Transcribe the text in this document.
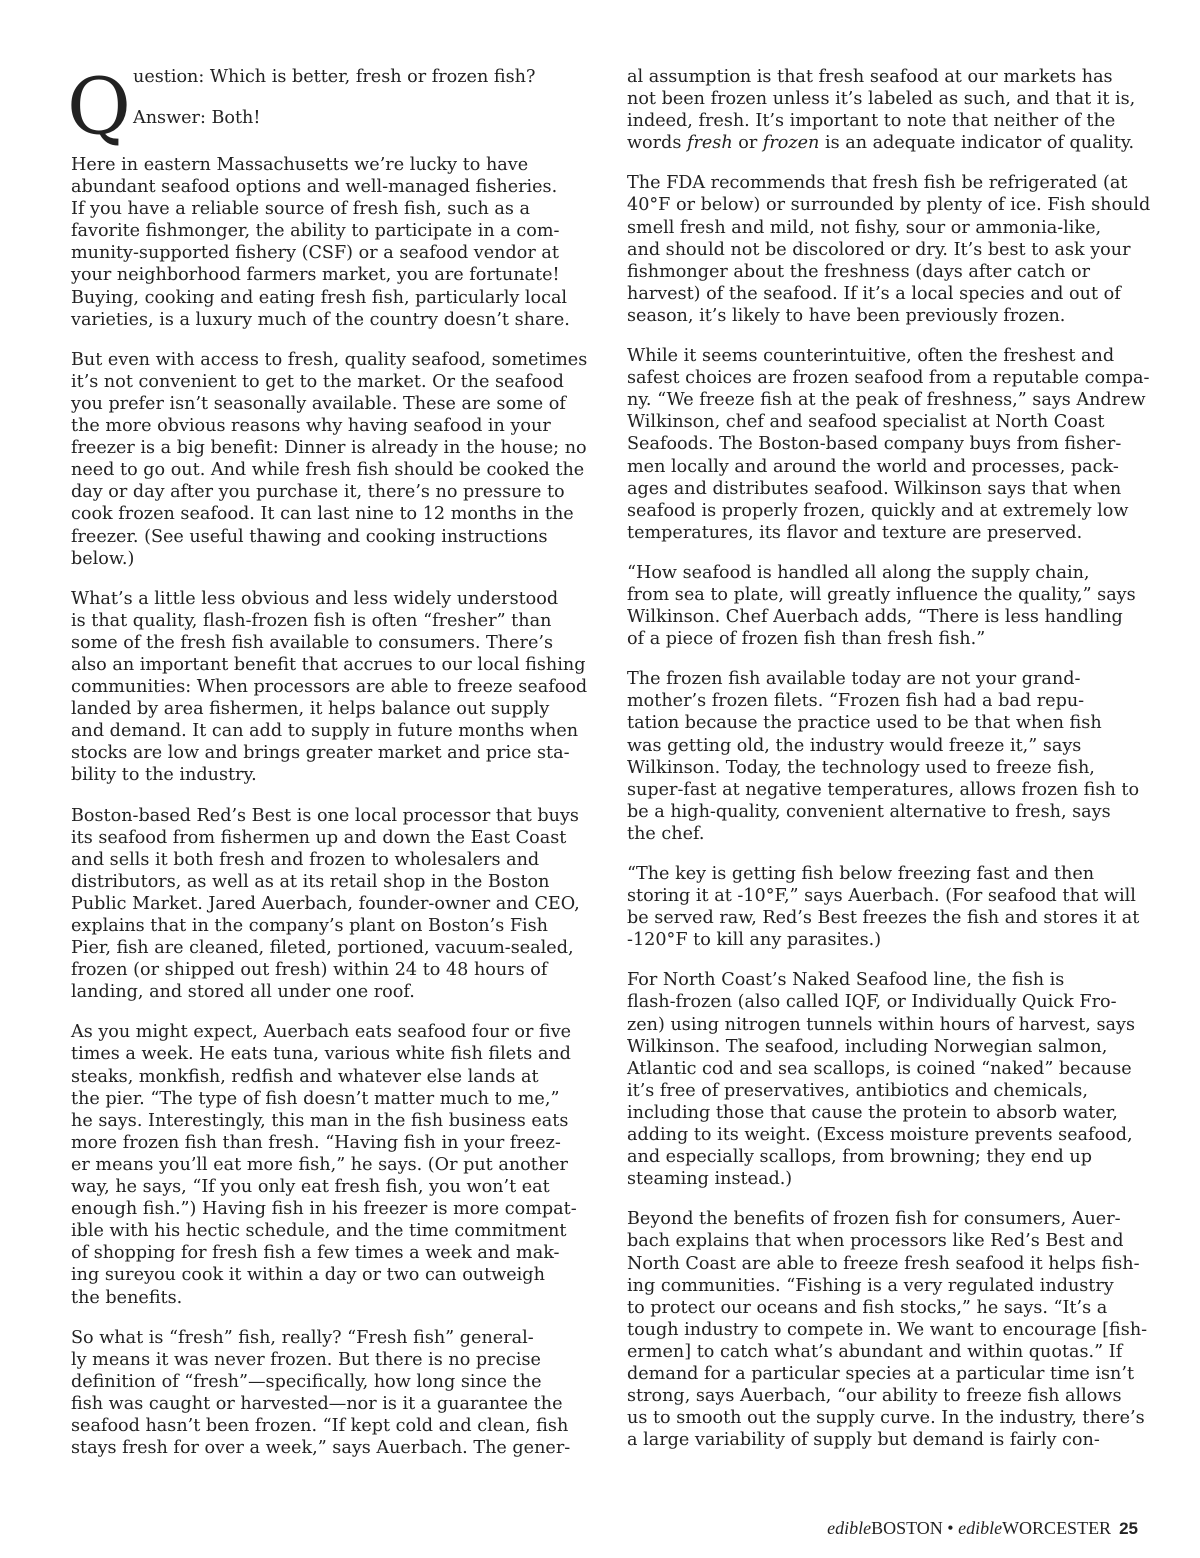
Q uestion: Which is better, fresh or frozen fish?
Answer: Both!

Here in eastern Massachusetts we’re lucky to have
abundant seafood options and well-managed fisheries.
If you have a reliable source of fresh fish, such as a
favorite fishmonger, the ability to participate in a com-
munity-supported fishery (CSF) or a seafood vendor at
your neighborhood farmers market, you are fortunate!
Buying, cooking and eating fresh fish, particularly local
varieties, is a luxury much of the country doesn’t share.

But even with access to fresh, quality seafood, sometimes
it’s not convenient to get to the market. Or the seafood
you prefer isn’t seasonally available. These are some of
the more obvious reasons why having seafood in your
freezer is a big benefit: Dinner is already in the house; no
need to go out. And while fresh fish should be cooked the
day or day after you purchase it, there’s no pressure to
cook frozen seafood. It can last nine to 12 months in the
freezer. (See useful thawing and cooking instructions
below.)

What’s a little less obvious and less widely understood
is that quality, flash-frozen fish is often “fresher” than
some of the fresh fish available to consumers. There’s
also an important benefit that accrues to our local fishing
communities: When processors are able to freeze seafood
landed by area fishermen, it helps balance out supply
and demand. It can add to supply in future months when
stocks are low and brings greater market and price sta-
bility to the industry.

Boston-based Red’s Best is one local processor that buys
its seafood from fishermen up and down the East Coast
and sells it both fresh and frozen to wholesalers and
distributors, as well as at its retail shop in the Boston
Public Market. Jared Auerbach, founder-owner and CEO,
explains that in the company’s plant on Boston’s Fish
Pier, fish are cleaned, fileted, portioned, vacuum-sealed,
frozen (or shipped out fresh) within 24 to 48 hours of
landing, and stored all under one roof.

As you might expect, Auerbach eats seafood four or five
times a week. He eats tuna, various white fish filets and
steaks, monkfish, redfish and whatever else lands at
the pier. “The type of fish doesn’t matter much to me,”
he says. Interestingly, this man in the fish business eats
more frozen fish than fresh. “Having fish in your freez-
er means you’ll eat more fish,” he says. (Or put another
way, he says, “If you only eat fresh fish, you won’t eat
enough fish.”) Having fish in his freezer is more compat-
ible with his hectic schedule, and the time commitment
of shopping for fresh fish a few times a week and mak-
ing sureyou cook it within a day or two can outweigh
the benefits.

So what is “fresh” fish, really? “Fresh fish” general-
ly means it was never frozen. But there is no precise
definition of “fresh”—specifically, how long since the
fish was caught or harvested—nor is it a guarantee the
seafood hasn’t been frozen. “If kept cold and clean, fish
stays fresh for over a week,” says Auerbach. The gener-

al assumption is that fresh seafood at our markets has
not been frozen unless it’s labeled as such, and that it is,
indeed, fresh. It’s important to note that neither of the
words fresh or frozen is an adequate indicator of quality.

The FDA recommends that fresh fish be refrigerated (at
40°F or below) or surrounded by plenty of ice. Fish should
smell fresh and mild, not fishy, sour or ammonia-like,
and should not be discolored or dry. It’s best to ask your
fishmonger about the freshness (days after catch or
harvest) of the seafood. If it’s a local species and out of
season, it’s likely to have been previously frozen.

While it seems counterintuitive, often the freshest and
safest choices are frozen seafood from a reputable compa-
ny. “We freeze fish at the peak of freshness,” says Andrew
Wilkinson, chef and seafood specialist at North Coast
Seafoods. The Boston-based company buys from fisher-
men locally and around the world and processes, pack-
ages and distributes seafood. Wilkinson says that when
seafood is properly frozen, quickly and at extremely low
temperatures, its flavor and texture are preserved.

“How seafood is handled all along the supply chain,
from sea to plate, will greatly influence the quality,” says
Wilkinson. Chef Auerbach adds, “There is less handling
of a piece of frozen fish than fresh fish.”

The frozen fish available today are not your grand-
mother’s frozen filets. “Frozen fish had a bad repu-
tation because the practice used to be that when fish
was getting old, the industry would freeze it,” says
Wilkinson. Today, the technology used to freeze fish,
super-fast at negative temperatures, allows frozen fish to
be a high-quality, convenient alternative to fresh, says
the chef.

“The key is getting fish below freezing fast and then
storing it at -10°F,” says Auerbach. (For seafood that will
be served raw, Red’s Best freezes the fish and stores it at
-120°F to kill any parasites.)

For North Coast’s Naked Seafood line, the fish is
flash-frozen (also called IQF, or Individually Quick Fro-
zen) using nitrogen tunnels within hours of harvest, says
Wilkinson. The seafood, including Norwegian salmon,
Atlantic cod and sea scallops, is coined “naked” because
it’s free of preservatives, antibiotics and chemicals,
including those that cause the protein to absorb water,
adding to its weight. (Excess moisture prevents seafood,
and especially scallops, from browning; they end up
steaming instead.)

Beyond the benefits of frozen fish for consumers, Auer-
bach explains that when processors like Red’s Best and
North Coast are able to freeze fresh seafood it helps fish-
ing communities. “Fishing is a very regulated industry
to protect our oceans and fish stocks,” he says. “It’s a
tough industry to compete in. We want to encourage [fish-
ermen] to catch what’s abundant and within quotas.” If
demand for a particular species at a particular time isn’t
strong, says Auerbach, “our ability to freeze fish allows
us to smooth out the supply curve. In the industry, there’s
a large variability of supply but demand is fairly con-

edibleBOSTON • edibleWORCESTER 25
